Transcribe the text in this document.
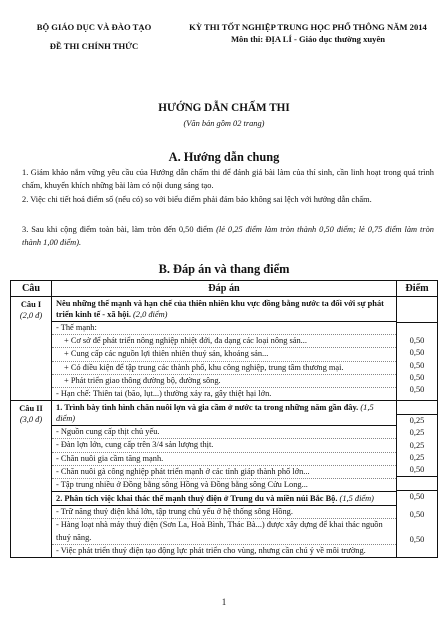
BỘ GIÁO DỤC VÀ ĐÀO TẠO
ĐỀ THI CHÍNH THỨC
KỲ THI TỐT NGHIỆP TRUNG HỌC PHỔ THÔNG NĂM 2014
Môn thi: ĐỊA LÍ - Giáo dục thường xuyên
HƯỚNG DẪN CHẤM THI
(Văn bản gồm 02 trang)
A. Hướng dẫn chung
1. Giám khảo nắm vững yêu cầu của Hướng dẫn chấm thi để đánh giá bài làm của thí sinh, cần linh hoạt trong quá trình chấm, khuyến khích những bài làm có nội dung sáng tạo.
2. Việc chi tiết hoá điểm số (nếu có) so với biểu điểm phải đảm bảo không sai lệch với hướng dẫn chấm.
3. Sau khi cộng điểm toàn bài, làm tròn đến 0,50 điểm (lẻ 0,25 điểm làm tròn thành 0,50 điểm; lẻ 0,75 điểm làm tròn thành 1,00 điểm).
B. Đáp án và thang điểm
Câu	Đáp án	Điểm
Câu I
(2,0 đ)
Nêu những thế mạnh và hạn chế của thiên nhiên khu vực đồng bằng nước ta đối với sự phát triển kinh tế - xã hội. (2,0 điểm)
- Thế mạnh:
+ Cơ sở để phát triển nông nghiệp nhiệt đới, đa dạng các loại nông sản...
+ Cung cấp các nguồn lợi thiên nhiên thuỷ sản, khoáng sản...
+ Có điều kiện để tập trung các thành phố, khu công nghiệp, trung tâm thương mại.
+ Phát triển giao thông đường bộ, đường sông.
- Hạn chế: Thiên tai (bão, lụt...) thường xảy ra, gây thiệt hại lớn.

0,50
0,50
0,50
0,50
0,50
Câu II
(3,0 đ)
1. Trình bày tình hình chăn nuôi lợn và gia cầm ở nước ta trong những năm gần đây. (1,5 điểm)
- Nguồn cung cấp thịt chủ yếu.
- Đàn lợn lớn, cung cấp trên 3/4 sản lượng thịt.
- Chăn nuôi gia cầm tăng mạnh.
- Chăn nuôi gà công nghiệp phát triển mạnh ở các tỉnh giáp thành phố lớn...
- Tập trung nhiều ở Đồng bằng sông Hồng và Đồng bằng sông Cửu Long...
2. Phân tích việc khai thác thế mạnh thuỷ điện ở Trung du và miền núi Bắc Bộ. (1,5 điểm)
- Trữ năng thuỷ điện khá lớn, tập trung chủ yếu ở hệ thống sông Hồng.
- Hàng loạt nhà máy thuỷ điện (Sơn La, Hoà Bình, Thác Bà...) được xây dựng để khai thác nguồn thuỷ năng.
- Việc phát triển thuỷ điện tạo động lực phát triển cho vùng, nhưng cần chú ý về môi trường.
0,25
0,25
0,25
0,25
0,50
0,50
0,50
0,50
1
